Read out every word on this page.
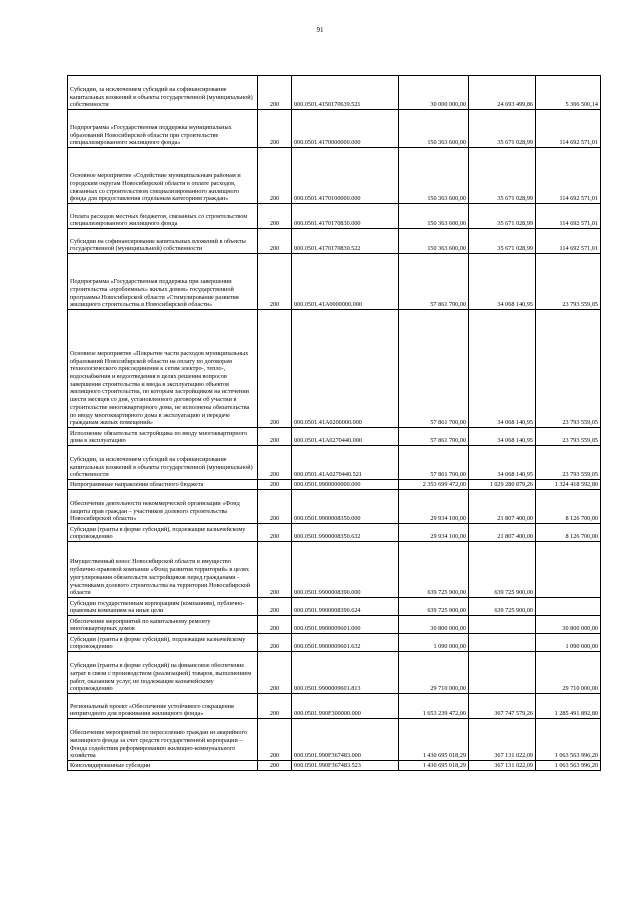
91
Субсидии, за исключением субсидий на софинансирование капитальных вложений в объекты государственной (муниципальной) собственности	200	000.0501.4150170639.521	30 000 000,00	24 693 499,86	5 306 500,14
Подпрограмма «Государственная поддержка муниципальных образований Новосибирской области при строительстве специализированного жилищного фонда»	200	000.0501.4170000000.000	150 363 600,00	35 671 028,99	114 692 571,01
Основное мероприятие «Содействие муниципальным районам и городским округам Новосибирской области в оплате расходов, связанных со строительством специализированного жилищного фонда для предоставления отдельным категориям граждан»	200	000.0501.4170100000.000	150 363 600,00	35 671 028,99	114 692 571,01
Оплата расходов местных бюджетов, связанных со строительством специализированного жилищного фонда	200	000.0501.4170170830.000	150 363 600,00	35 671 028,99	114 692 571,01
Субсидии на софинансирование капитальных вложений в объекты государственной (муниципальной) собственности	200	000.0501.4170170830.522	150 363 600,00	35 671 028,99	114 692 571,01
Подпрограмма «Государственная поддержка при завершении строительства «проблемных» жилых домов» государственной программы Новосибирской области «Стимулирование развития жилищного строительства в Новосибирской области»	200	000.0501.41А0000000.000	57 861 700,00	34 068 140,95	23 793 559,05
Основное мероприятие «Покрытие части расходов муниципальных образований Новосибирской области на оплату по договорам технологического присоединения к сетям электро-, тепло-, водоснабжения и водоотведения в целях решения вопросов завершения строительства и ввода в эксплуатацию объектов жилищного строительства, по которым застройщиком на истечении шести месяцев со дня, установленного договором об участии в строительстве многоквартирного дома, не исполнены обязательства по вводу многоквартирного дома в эксплуатацию и передаче гражданам жилых помещений»	200	000.0501.41А0200000.000	57 861 700,00	34 068 140,95	23 793 559,05
Исполнение обязательств застройщика по вводу многоквартирного дома в эксплуатацию	200	000.0501.41А0270440.000	57 861 700,00	34 068 140,95	23 793 559,05
Субсидии, за исключением субсидий на софинансирование капитальных вложений в объекты государственной (муниципальной) собственности	200	000.0501.41А0270440.521	57 861 700,00	34 068 140,95	23 793 559,05
Непрограммные направления областного бюджета	200	000.0501.9900000000.000	2 353 699 472,00	1 029 280 879,26	1 324 418 592,80
Обеспечение деятельности некоммерческой организации «Фонд защиты прав граждан – участников долевого строительства Новосибирской области»	200	000.0501.9900008350.000	29 934 100,00	21 807 400,00	8 126 700,00
Субсидии (гранты в форме субсидий), подлежащие казначейскому сопровождению	200	000.0501.9900008350.632	29 934 100,00	21 807 400,00	8 126 700,00
Имущественный взнос Новосибирской области в имущество публично-правовой компании «Фонд развития территорий» в целях урегулирования обязательств застройщиков перед гражданами - участниками долевого строительства на территории Новосибирской области	200	000.0501.9900008390.000	639 725 900,00	639 725 900,00	
Субсидии государственным корпорациям (компаниям), публично-правовым компаниям на иные цели	200	000.0501.9900008390.624	639 725 900,00	639 725 900,00	
Обеспечение мероприятий по капитальному ремонту многоквартирных домов	200	000.0501.9900009601.000	30 800 000,00		30 800 000,00
Субсидии (гранты в форме субсидий), подлежащие казначейскому сопровождению	200	000.0501.9900009601.632	1 090 000,00		1 090 000,00
Субсидии (гранты в форме субсидий) на финансовое обеспечение затрат в связи с производством (реализацией) товаров, выполнением работ, оказанием услуг, не подлежащие казначейскому сопровождению	200	000.0501.9900009601.813	29 710 000,00		29 710 000,00
Региональный проект «Обеспечение устойчивого сокращения непригодного для проживания жилищного фонда»	200	000.0501.990F300000.000	1 653 239 472,00	367 747 579,26	1 285 491 892,80
Обеспечение мероприятий по переселению граждан из аварийного жилищного фонда за счет средств государственной корпорации – Фонда содействия реформированию жилищно-коммунального хозяйства	200	000.0501.990F367483.000	1 430 695 018,29	367 131 022,09	1 063 563 996,20
Консолидированные субсидии	200	000.0501.990F367483.523	1 430 695 018,29	367 131 022,09	1 063 563 996,20
